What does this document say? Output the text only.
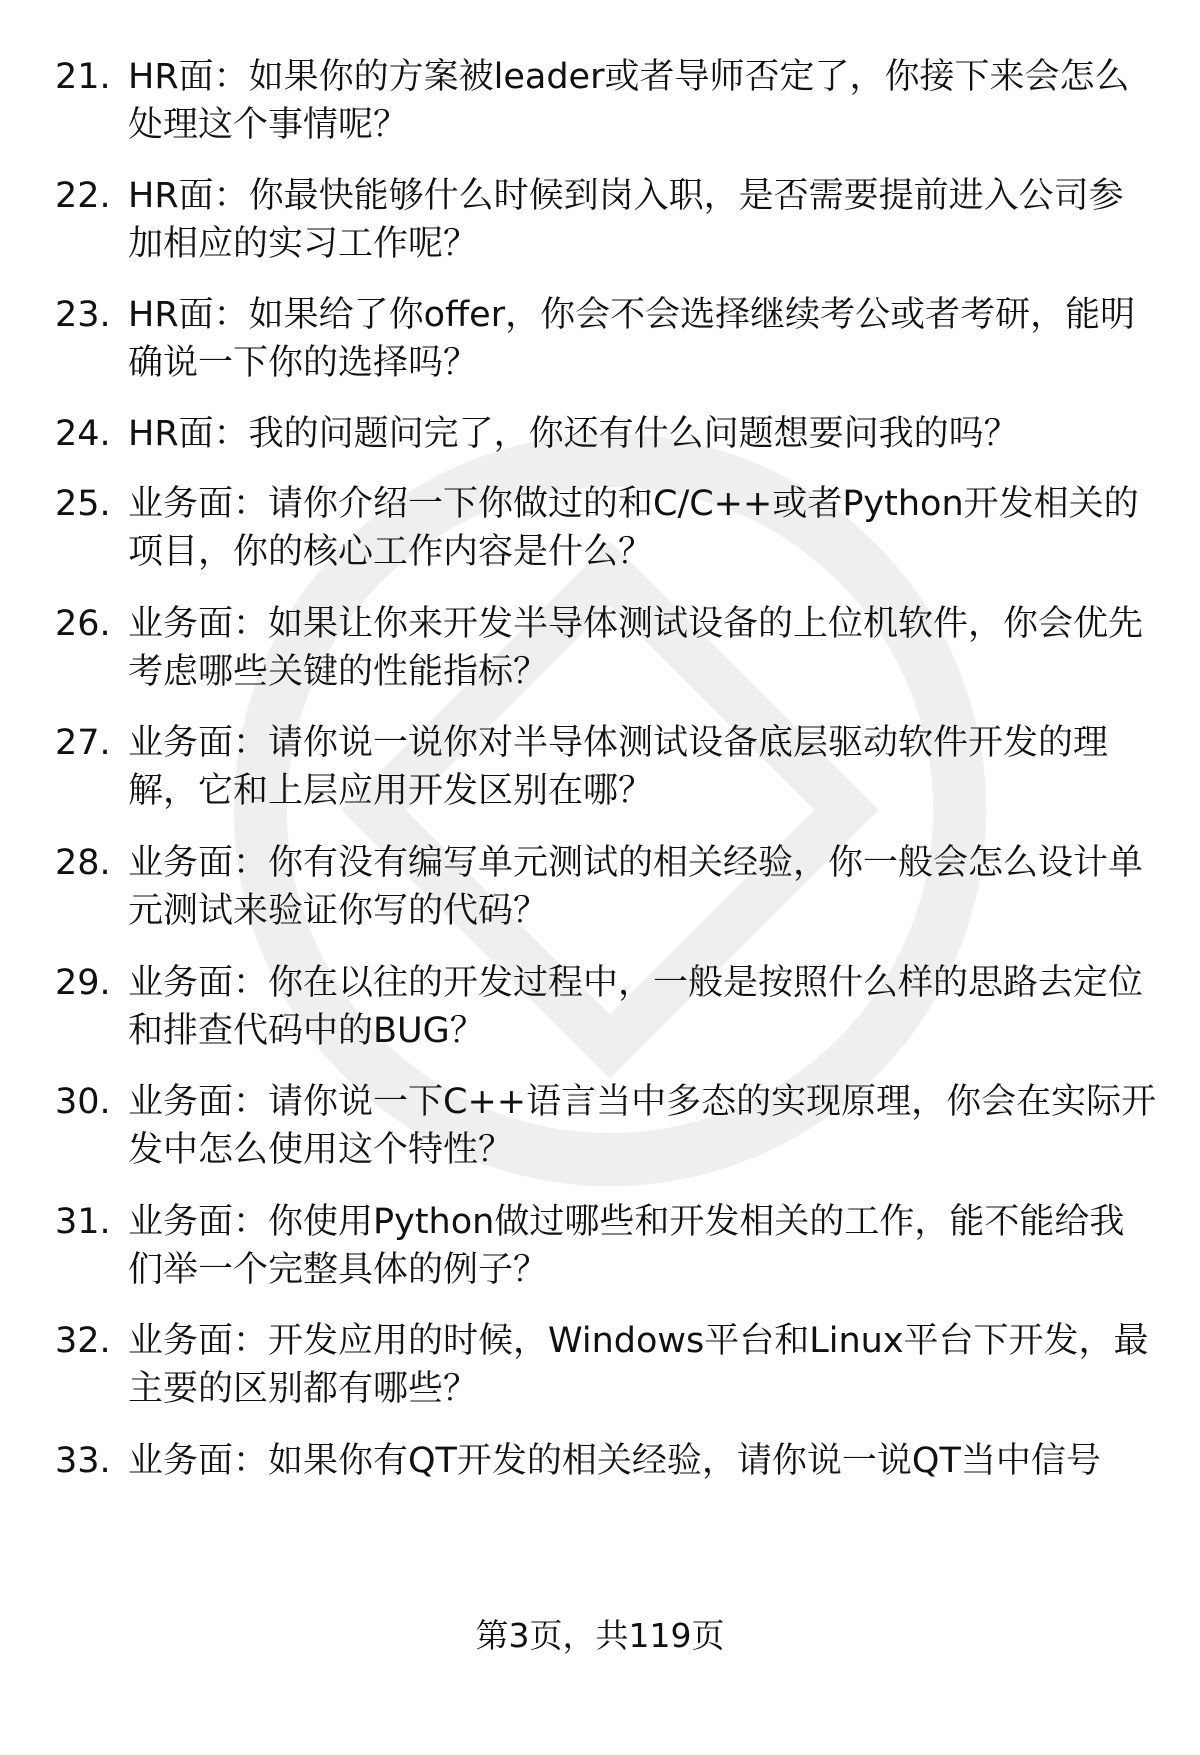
21. HR面：如果你的方案被leader或者导师否定了，你接下来会怎么处理这个事情呢？
22. HR面：你最快能够什么时候到岗入职，是否需要提前进入公司参加相应的实习工作呢？
23. HR面：如果给了你offer，你会不会选择继续考公或者考研，能明确说一下你的选择吗？
24. HR面：我的问题问完了，你还有什么问题想要问我的吗？
25. 业务面：请你介绍一下你做过的和C/C++或者Python开发相关的项目，你的核心工作内容是什么？
26. 业务面：如果让你来开发半导体测试设备的上位机软件，你会优先考虑哪些关键的性能指标？
27. 业务面：请你说一说你对半导体测试设备底层驱动软件开发的理解，它和上层应用开发区别在哪？
28. 业务面：你有没有编写单元测试的相关经验，你一般会怎么设计单元测试来验证你写的代码？
29. 业务面：你在以往的开发过程中，一般是按照什么样的思路去定位和排查代码中的BUG？
30. 业务面：请你说一下C++语言当中多态的实现原理，你会在实际开发中怎么使用这个特性？
31. 业务面：你使用Python做过哪些和开发相关的工作，能不能给我们举一个完整具体的例子？
32. 业务面：开发应用的时候，Windows平台和Linux平台下开发，最主要的区别都有哪些？
33. 业务面：如果你有QT开发的相关经验，请你说一说QT当中信号
第3页，共119页
